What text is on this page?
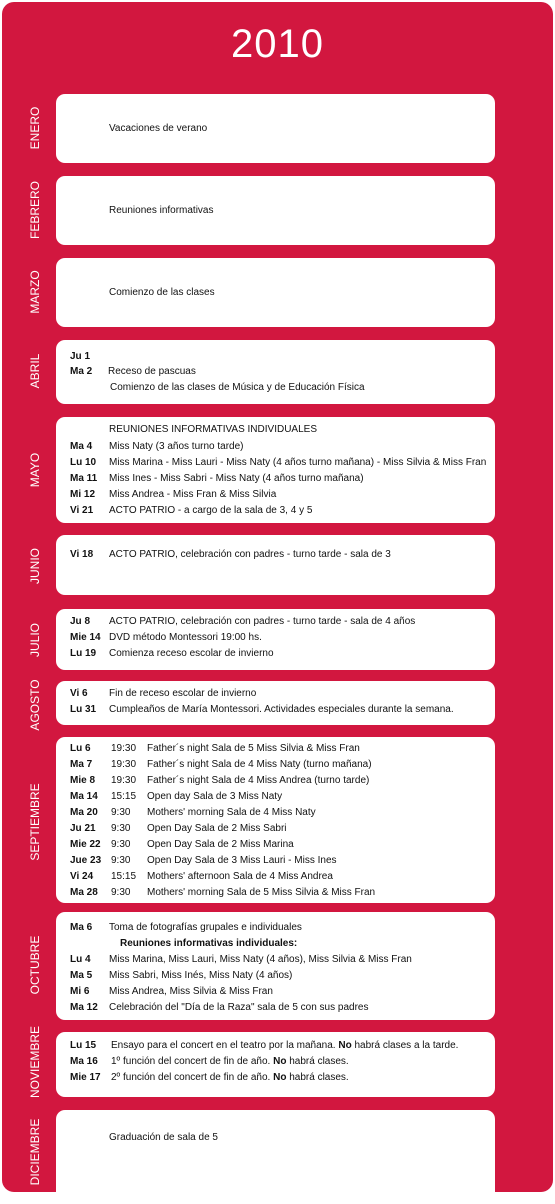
2010
ENERO
FEBRERO
MARZO
ABRIL
MAYO
JUNIO
JULIO
AGOSTO
SEPTIEMBRE
OCTUBRE
NOVIEMBRE
DICIEMBRE
Vacaciones de verano
Reuniones informativas
Comienzo de las clases
Ju 1
Ma 2 Receso de pascuas
Comienzo de las clases de Música y de Educación Física
REUNIONES INFORMATIVAS INDIVIDUALES
Ma 4 Miss Naty (3 años turno tarde)
Lu 10 Miss Marina - Miss Lauri - Miss Naty (4 años turno mañana) - Miss Silvia & Miss Fran
Ma 11 Miss Ines - Miss Sabri - Miss Naty (4 años turno mañana)
Mi 12 Miss Andrea - Miss Fran & Miss Silvia
Vi 21 ACTO PATRIO - a cargo de la sala de 3, 4 y 5
Vi 18 ACTO PATRIO, celebración con padres - turno tarde - sala de 3
Ju 8 ACTO PATRIO, celebración con padres - turno tarde - sala de 4 años
Mie 14 DVD método Montessori 19:00 hs.
Lu 19 Comienza receso escolar de invierno
Vi 6 Fin de receso escolar de invierno
Lu 31 Cumpleaños de María Montessori. Actividades especiales durante la semana.
Lu 6 19:30 Father´s night Sala de 5 Miss Silvia & Miss Fran
Ma 7 19:30 Father´s night Sala de 4 Miss Naty (turno mañana)
Mie 8 19:30 Father´s night Sala de 4 Miss Andrea (turno tarde)
Ma 14 15:15 Open day Sala de 3 Miss Naty
Ma 20 9:30 Mothers' morning Sala de 4 Miss Naty
Ju 21 9:30 Open Day Sala de 2 Miss Sabri
Mie 22 9:30 Open Day Sala de 2 Miss Marina
Jue 23 9:30 Open Day Sala de 3 Miss Lauri - Miss Ines
Vi 24 15:15 Mothers' afternoon Sala de 4 Miss Andrea
Ma 28 9:30 Mothers' morning Sala de 5 Miss Silvia & Miss Fran
Ma 6 Toma de fotografías grupales e individuales
Reuniones informativas individuales:
Lu 4 Miss Marina, Miss Lauri, Miss Naty (4 años), Miss Silvia & Miss Fran
Ma 5 Miss Sabri, Miss Inés, Miss Naty (4 años)
Mi 6 Miss Andrea, Miss Silvia & Miss Fran
Ma 12 Celebración del "Día de la Raza" sala de 5 con sus padres
Lu 15 Ensayo para el concert en el teatro por la mañana. No habrá clases a la tarde.
Ma 16 1º función del concert de fin de año. No habrá clases.
Mie 17 2º función del concert de fin de año. No habrá clases.
Graduación de sala de 5
